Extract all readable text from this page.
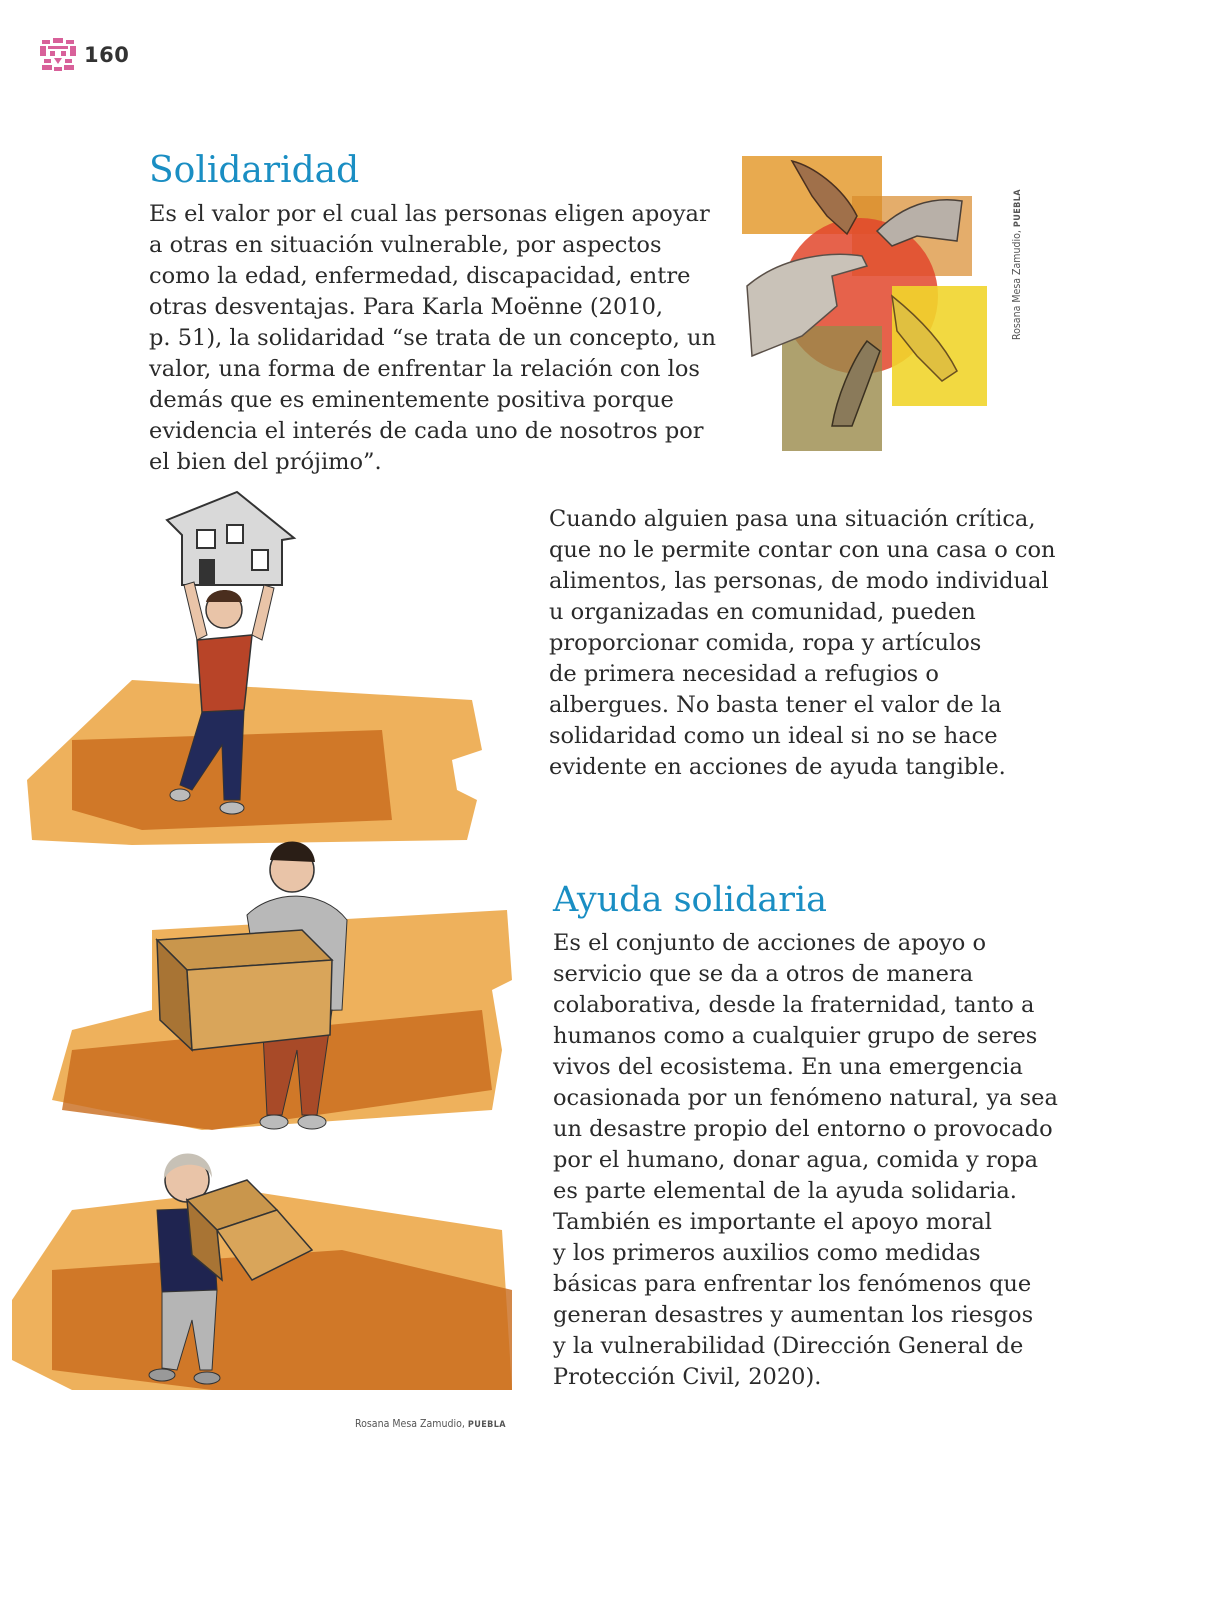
160
Solidaridad

Es el valor por el cual las personas eligen apoyar
a otras en situación vulnerable, por aspectos
como la edad, enfermedad, discapacidad, entre
otras desventajas. Para Karla Moënne (2010,
p. 51), la solidaridad “se trata de un concepto, un
valor, una forma de enfrentar la relación con los
demás que es eminentemente positiva porque
evidencia el interés de cada uno de nosotros por
el bien del prójimo”.

Rosana Mesa Zamudio, PUEBLA

Cuando alguien pasa una situación crítica,
que no le permite contar con una casa o con
alimentos, las personas, de modo individual
u organizadas en comunidad, pueden
proporcionar comida, ropa y artículos
de primera necesidad a refugios o
albergues. No basta tener el valor de la
solidaridad como un ideal si no se hace
evidente en acciones de ayuda tangible.

Rosana Mesa Zamudio, PUEBLA
Ayuda solidaria

Es el conjunto de acciones de apoyo o
servicio que se da a otros de manera
colaborativa, desde la fraternidad, tanto a
humanos como a cualquier grupo de seres
vivos del ecosistema. En una emergencia
ocasionada por un fenómeno natural, ya sea
un desastre propio del entorno o provocado
por el humano, donar agua, comida y ropa
es parte elemental de la ayuda solidaria.
También es importante el apoyo moral
y los primeros auxilios como medidas
básicas para enfrentar los fenómenos que
generan desastres y aumentan los riesgos
y la vulnerabilidad (Dirección General de
Protección Civil, 2020).
